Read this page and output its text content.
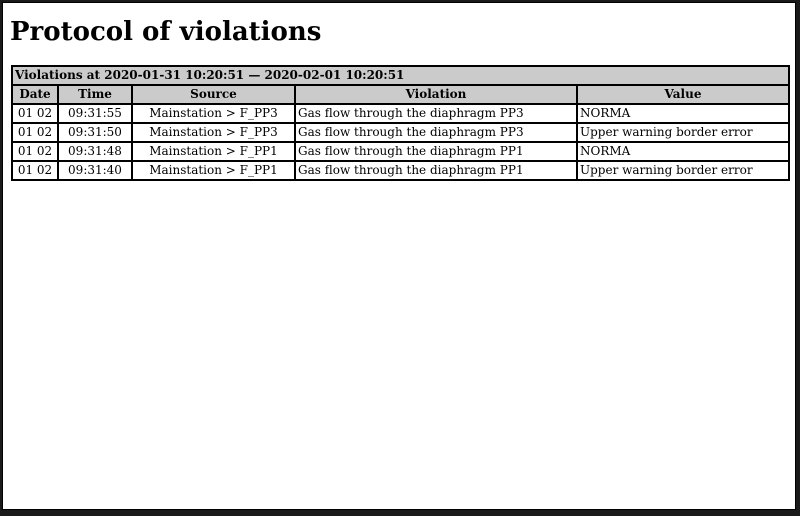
Protocol of violations
Violations at 2020-01-31 10:20:51 — 2020-02-01 10:20:51				
Date	Time	Source	Violation	Value
01 02	09:31:55	Mainstation > F_PP3	Gas flow through the diaphragm PP3	NORMA
01 02	09:31:50	Mainstation > F_PP3	Gas flow through the diaphragm PP3	Upper warning border error
01 02	09:31:48	Mainstation > F_PP1	Gas flow through the diaphragm PP1	NORMA
01 02	09:31:40	Mainstation > F_PP1	Gas flow through the diaphragm PP1	Upper warning border error
